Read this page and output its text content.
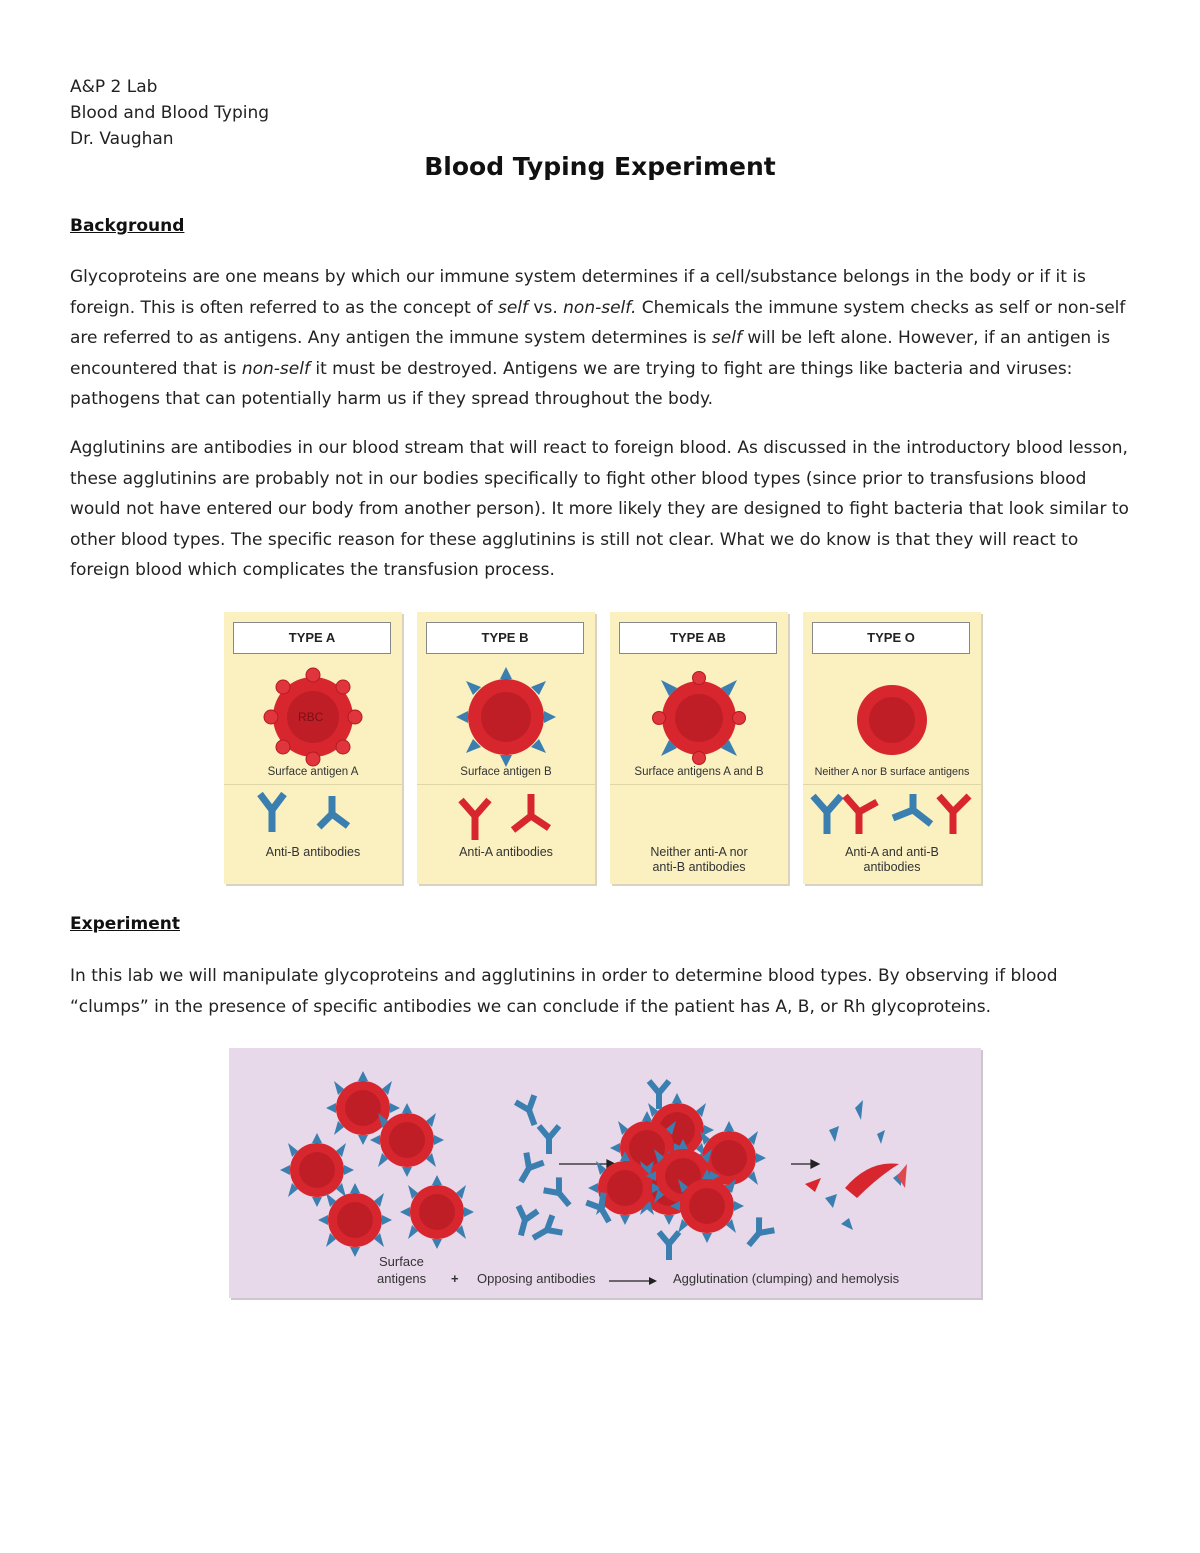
A&P 2 Lab
Blood and Blood Typing
Dr. Vaughan
Blood Typing Experiment
Background
Glycoproteins are one means by which our immune system determines if a cell/substance belongs in the body or if it is foreign. This is often referred to as the concept of self vs. non-self. Chemicals the immune system checks as self or non-self are referred to as antigens. Any antigen the immune system determines is self will be left alone. However, if an antigen is encountered that is non-self it must be destroyed. Antigens we are trying to fight are things like bacteria and viruses: pathogens that can potentially harm us if they spread throughout the body.
Agglutinins are antibodies in our blood stream that will react to foreign blood. As discussed in the introductory blood lesson, these agglutinins are probably not in our bodies specifically to fight other blood types (since prior to transfusions blood would not have entered our body from another person). It more likely they are designed to fight bacteria that look similar to other blood types. The specific reason for these agglutinins is still not clear. What we do know is that they will react to foreign blood which complicates the transfusion process.
TYPE A
RBC
Surface antigen A
Anti-B antibodies
TYPE B
Surface antigen B
Anti-A antibodies
TYPE AB
Surface antigens A and B
Neither anti-A nor
anti-B antibodies
TYPE O
Neither A nor B surface antigens
Anti-A and anti-B
antibodies
Experiment
In this lab we will manipulate glycoproteins and agglutinins in order to determine blood types. By observing if blood “clumps” in the presence of specific antibodies we can conclude if the patient has A, B, or Rh glycoproteins.
Surface
antigens + Opposing antibodies	Agglutination (clumping) and hemolysis
